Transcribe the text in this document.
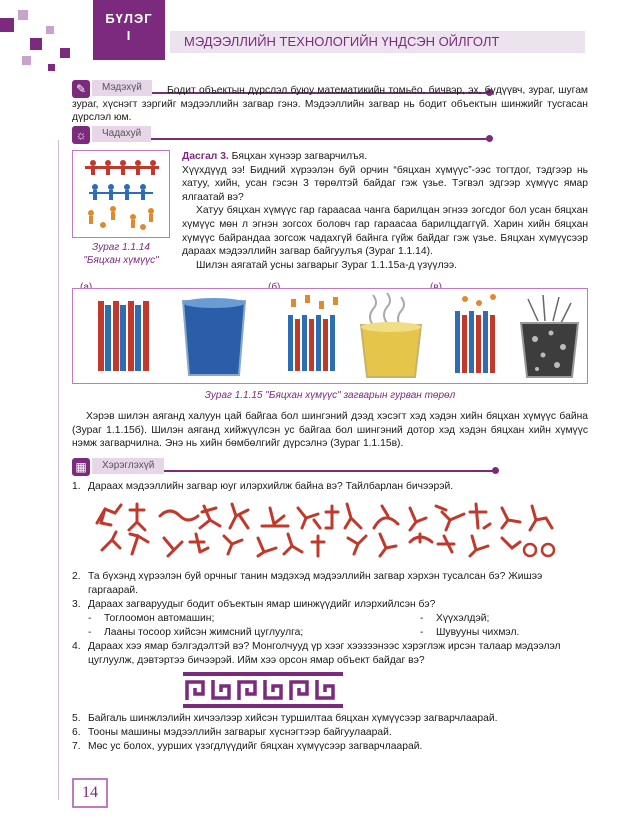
БҮЛЭГ
I	МЭДЭЭЛЛИЙН ТЕХНОЛОГИЙН ҮНДСЭН ОЙЛГОЛТ
✎	Мэдэхүй	Бодит объектын дүрслэл буюу математикийн томьёо, бичвэр, эх, бүдүүвч, зураг, шугам зураг, хүснэгт зэргийг мэдээллийн загвар гэнэ. Мэдээллийн загвар нь бодит объектын шинжийг тусгасан дүрслэл юм.
☼	Чадахуй
Зураг 1.1.14
"Бяцхан хүмүүс"
Дасгал 3. Бяцхан хүнээр загварчилъя.
Хүүхдүүд ээ! Бидний хүрээлэн буй орчин “бяцхан хүмүүс”-ээс тогтдог, тэдгээр нь хатуу, хийн, усан гэсэн 3 төрөлтэй байдаг гэж үзье. Тэгвэл эдгээр хүмүүс ямар ялгаатай вэ?
Хатуу бяцхан хүмүүс гар гараасаа чанга барилцан эгнээ зогсдог бол усан бяцхан хүмүүс мөн л эгнэн зогсох боловч гар гараасаа барилцдаггүй. Харин хийн бяцхан хүмүүс байрандаа зогсож чадахгүй байнга гүйж байдаг гэж үзье. Бяцхан хүмүүсээр дараах мэдээллийн загвар байгуулъя (Зураг 1.1.14).
Шилэн аягатай усны загварыг Зураг 1.1.15а-д үзүүлээ.
Зураг 1.1.15 "Бяцхан хүмүүс" загварын гурван төрөл
Хэрэв шилэн аяганд халуун цай байгаа бол шингэний дээд хэсэгт хэд хэдэн хийн бяцхан хүмүүс байна (Зураг 1.1.15б). Шилэн аяганд хийжүүлсэн ус байгаа бол шингэний дотор хэд хэдэн бяцхан хийн хүмүүс нэмж загварчилна. Энэ нь хийн бөмбөлгийг дүрсэлнэ (Зураг 1.1.15в).
▦	Хэрэглэхүй
1. Дараах мэдээллийн загвар юуг илэрхийлж байна вэ? Тайлбарлан бичээрэй.
2. Та бүхэнд хүрээлэн буй орчныг танин мэдэхэд мэдээллийн загвар хэрхэн тусалсан бэ? Жишээ гаргаарай.
3. Дараах загваруудыг бодит объектын ямар шинжүүдийг илэрхийлсэн бэ?
- Тоглоомон автомашин;	- Хүүхэлдэй;
- Лааны тосоор хийсэн жимсний цуглуулга;	- Шувууны чихмэл.
4. Дараах хээ ямар бэлгэдэлтэй вэ? Монголчууд үр хээг хээзээнээс хэрэглэж ирсэн талаар мэдээлэл цуглуулж, дэвтэртээ бичээрэй. Ийм хээ орсон ямар объект байдаг вэ?
5. Байгаль шинжлэлийн хичээлээр хийсэн туршилтаа бяцхан хүмүүсээр загварчлаарай.
6. Тооны машины мэдээллийн загварыг хүснэгтээр байгуулаарай.
7. Мөс ус болох, уурших үзэгдлүүдийг бяцхан хүмүүсээр загварчлаарай.
14
